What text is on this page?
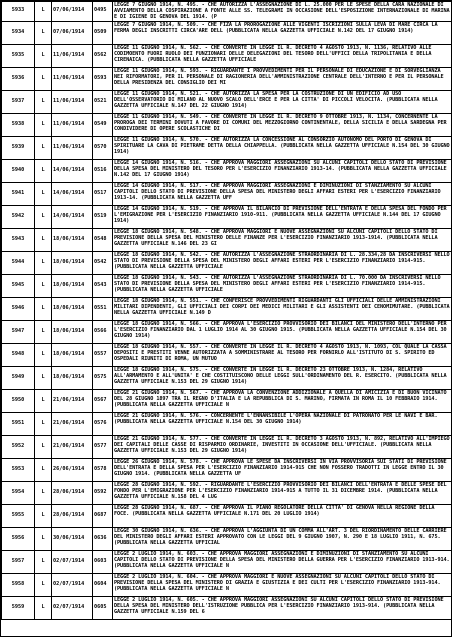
5933	L	07/06/1914	0495	LEGGE 7 GIUGNO 1914, N. 495. - CHE AUTORIZZA L'ASSEGNAZIONE DI L. 25.000 PER LE SPESE DELLA CARA NAZIONALE DI AVVIAMENTO DELLA COSPIRAZIONE A FONTE ALLE SS. TELEGRAMI IN OCCASIONE DELL'ESPOSIZIONE INTERNAZIONALE DI MARINA E DI IGIENE DI GENOVA DEL 1914. (P
5934	L	07/06/1914	0509	LEGGE 7 GIUGNO 1914, N. 509. - CHE FIZA LA PROROGAZIONE ALLE VIGENTI ISCRIZIONI SULLA LEVA DI MARE CIRCA LA FERMA DEGLI INSCRITTI CIRCA'ARE DELL (PUBBLICATA NELLA GAZZETTA UFFICIALE N.142 DEL 17 GIUGNO 1914)
5935	L	11/06/1914	0562	LEGGE 11 GIUGNO 1914, N. 562. - CHE CONVERTE IN LEGGE IL R. DECRETO 4 AGOSTO 1913, N. 1136, RELATIVO ALLE CODIMOENTO FUORI RUOLO DEI FUNZIONARI DELLE DELEGAZIONI DEL TESORO DELL'UFFICI DELLA TRIPOLITANIA E DELLA CIRENAICA. (PUBBLICATA NELLA GAZZETTA UFFICIALE
5936	L	11/06/1914	0593	LEGGE 11 GIUGNO 1914, N. 593. - RIGUARDANTE I PROVVEDIMENTI PER IL PERSONALE DI EDUCAZIONE E DI SORVEGLIANZA NEI RIFORMATORI, PER IL PERSONALE DI RAGIONERIA DELL'AMMINISTRAZIONE CENTRALE DELL'INTERNO E PER IL PERSONALE DELLA PRESIDENZA DEL CONSIGLIO DEI MI
5937	L	11/06/1914	0521	LEGGE 11 GIUGNO 1914, N. 521. - CHE AUTORIZZA LA SPESA PER LA COSTRUZIONE DI UN EDIFICIO AD USO DELL'OSSERVATORIO DI MILANO AL NUOVO SCALO DELL'ERCE E PER LA CITTA' DI PICCOLI VELOCITA. (PUBBLICATA NELLA GAZZETTA UFFICIALE N.147 DEL 22 GIUGNO 1914)
5938	L	11/06/1914	0549	LEGGE 11 GIUGNO 1914, N. 549. - CHE CONVERTE IN LEGGE IL R. DECRETO 9 OTTOBRE 1913, N. 1134, CONCERNENTE LA PROROGA DEI TERMINI DOVUTI A FAVORE DI COMUNI DEL MEZZOGIORNO CONTINENTALE, DELLA SICILIA E DELLA SARDEGNA PER CONDIVIDERE DI OPERE SCOLASTICHE DI
5939	L	11/06/1914	0570	LEGGE 11 GIUGNO 1914, N. 570. - CHE AUTORIZZA LA CONCESSIONE AL CONSORZIO AUTONOMO DEL PORTO DI GENOVA DI SPIRITUARE LA CAVA DI PIETRAME DETTA DELLA CHIAPPELLA. (PUBBLICATA NELLA GAZZETTA UFFICIALE N.154 DEL 30 GIUGNO 1914)
5940	L	14/06/1914	0516	LEGGE 14 GIUGNO 1914, N. 516. - CHE APPROVA MAGGIORI ASSEGNAZIONI SU ALCUNI CAPITOLI DELLO STATO DI PREVISIONE DELLA SPESA DEL MINISTERO DEL TESORO PER L'ESERCIZIO FINANZIARIO 1913-14. (PUBBLICATA NELLA GAZZETTA UFFICIALE N.142 DEL 17 GIUGNO 1914)
5941	L	14/06/1914	0517	LEGGE 14 GIUGNO 1914, N. 517. - CHE APPROVA MAGGIORI ASSEGNAZIONI E DIMINUZIONI DI STANZIAMENTO SU ALCUNI CAPITOLI DELLO STATO DI PREVISIONE DELLA SPESA DEL MINISTERO DEGLI AFFARI ESTERI PER L'ESERCIZIO FINANZIARIO 1913-14. (PUBBLICATA NELLA GAZZETTA UFF
5942	L	14/06/1914	0519	LEGGE 14 GIUGNO 1914, N. 519. - CHE APPROVA IL BILANCIO DI PREVISIONE DELL'ENTRATA E DELLA SPESA DEL FONDO PER L'EMIGRAZIONE PER L'ESERCIZIO FINANZIARIO 1910-911. (PUBBLICATA NELLA GAZZETTA UFFICIALE N.144 DEL 17 GIUGNO 1914)
5943	L	18/06/1914	0548	LEGGE 18 GIUGNO 1914, N. 548. - CHE APPROVA MAGGIORI E NUOVE ASSEGNAZIONI SU ALCUNI CAPITOLI DELLO STATO DI PREVISIONE DELLA SPESA DEL MINISTERO DELLE FINANZE PER L'ESERCIZIO FINANZIARIO 1913-1914. (PUBBLICATA NELLA GAZZETTA UFFICIALE N.146 DEL 23 GI
5944	L	18/06/1914	0542	LEGGE 18 GIUGNO 1914, N. 542. - CHE AUTORIZZA L'ASSEGNAZIONE STRAORDINARIA DI L. 28.334,28 DA INSCRIVERSI NELLO STATO DI PREVISIONE DELLA SPESA DEL MINISTERO DEGLI AFFARI ESTERI PER L'ESERCIZIO FINANZIARIO 1914-915. (PUBBLICATA NELLA GAZZETTA UFFICIALE
5945	L	18/06/1914	0543	LEGGE 18 GIUGNO 1914, N. 543. - CHE AUTORIZZA L'ASSEGNAZIONE STRAORDINARIA DI L. 70.000 DA INSCRIVERSI NELLO STATO DI PREVISIONE DELLA SPESA DEL MINISTERO DEGLI AFFARI ESTERI PER L'ESERCIZIO FINANZIARIO 1914-915. (PUBBLICATA NELLA GAZZETTA UFFICIALE
5946	L	18/06/1914	0551	LEGGE 18 GIUGNO 1914, N. 551. - CHE CONFERISCE PROVVEDIMENTI RIGUARDANTI GLI UFFICIALI DELLE AMMINISTRAZIONI MILITARI DIPENDENTI, GLI UFFICIALI DEI CORPI DEI MEDICI MILITARI E GLI ASSISTENTI DEI CENOMIMUTARE. (PUBBLICATA NELLA GAZZETTA UFFICIALE N.149 D
5947	L	18/06/1914	0566	LEGGE 18 GIUGNO 1914, N. 566. - CHE APPROVA L'ESERCIZIO PROVVISORIO DEI BILANCI DEL MINISTERO DELL'INTERNO PER L'ESERCIZIO FINANZIARIO DAL 1 LUGLIO 1914 AL 30 GIUGNO 1915. (PUBBLICATA NELLA GAZZETTA UFFICIALE N.154 DEL 30 GIUGNO 1914)
5948	L	18/06/1914	0557	LEGGE 18 GIUGNO 1914, N. 557. - CHE CONVERTE IN LEGGE IL R. DECRETO 4 AGOSTO 1913, N. 1093, COL QUALE LA CASSA DEPOSITI E PRESTITI VENNE AUTORIZZATA A SOMMINISTRARE AL TESORO PER FORNIRLO ALL'ISTITUTO DI S. SPIRITO ED OSPEDALI RIUNITI DI ROMA, UN MUTUO
5949	L	18/06/1914	0575	LEGGE 18 GIUGNO 1914, N. 575. - CHE CONVERTE IN LEGGE IL R. DECRETO 23 OTTOBRE 1913, N. 1284, RELATIVO ALL'ARMAMENTO E ALL'UNITA' E CHE COSTITUISCONO DELLE LEGGI SULL'ORDINAMENTO DEL R. ESERCITO. (PUBBLICATA NELLA GAZZETTA UFFICIALE N.153 DEL 29 GIUGNO 1914)
5950	L	21/06/1914	0567	LEGGE 21 GIUGNO 1914, N. 567. - CHE APPROVA LA CONVENZIONE ADDIZIONALE A QUELLA DI AMICIZIA E DI BUON VICINATO DEL 28 GIUGNO 1897 TRA IL REGNO D'ITALIA E LA REPUBBLICA DI S. MARINO, FIRMATA IN ROMA IL 10 FEBBRAIO 1914. (PUBBLICATA NELLA GAZZETTA UFFICIALE N
5951	L	21/06/1914	0576	LEGGE 21 GIUGNO 1914, N. 576. - CONCERNENTE L'ENNANSIBILE L'OPERA NAZIONALE DI PATRONATO PER LE NAVI E BAR. (PUBBLICATA NELLA GAZZETTA UFFICIALE N.154 DEL 30 GIUGNO 1914)
5952	L	21/06/1914	0577	LEGGE 21 GIUGNO 1914, N. 577. - CHE CONVERTE IN LEGGE IL R. DECRETO 3 AGOSTO 1913, N. 892, RELATIVO ALL'IMPIEGO DEI CAPITALI DELLE CASSE DI RISPARMIO ORDINARIE, INVESTITI IN OCCASIONE DELL'UFFICIALE. (PUBBLICATA NELLA GAZZETTA UFFICIALE N.153 DEL 29 GIUGNO 1914)
5953	L	26/06/1914	0578	LEGGE 26 GIUGNO 1914, N. 578. - CHE APPROVA LE SPESE DA INSCRIVERSI IN VIA PROVVISORIA SUI STATI DI PREVISIONE DELL'ENTRATA E DELLA SPESA PER L'ESERCIZIO FINANZIARIO 1914-915 CHE NON FOSSERO TRADOTTI IN LEGGE ENTRO IL 30 GIUGNO 1914. (PUBBLICATA NELLA GAZZETTA UF
5954	L	28/06/1914	0592	LEGGE 28 GIUGNO 1914, N. 592. - RIGUARDANTE L'ESERCIZIO PROVVISORIO DEI BILANCI DELL'ENTRATA E DELLE SPESE DEL FONDO PER L'EMIGRAZIONE PER L'ESERCIZIO FINANZIARIO 1914-915 A TUTTO IL 31 DICEMBRE 1914. (PUBBLICATA NELLA GAZZETTA UFFICIALE N.158 DEL 4 LUG
5955	L	28/06/1914	0687	LEGGE 28 GIUGNO 1914, N. 687. - CHE APPROVA IL PIANO REGOLATORE DELLA CITTA' DI GENOVA NELLA REGIONE DELLA FOCE. (PUBBLICATA NELLA GAZZETTA UFFICIALE N.171 DEL 20 LUGLIO 1914)
5956	L	30/06/1914	0636	LEGGE 30 GIUGNO 1914, N. 636. - CHE APPROVA L'AGGIUNTA DI UN COMMA ALL'ART. 3 DEL RIORDINAMENTO DELLE CARRIERE DEL MINISTERO DEGLI AFFARI ESTERI APPROVATO CON LE LEGGI DEL 9 GIUGNO 1907, N. 290 E 18 LUGLIO 1911, N. 675. (PUBBLICATA NELLA GAZZETTA UFFICIAL
5957	L	02/07/1914	0603	LEGGE 2 LUGLIO 1914, N. 603. - CHE APPROVA MAGGIORI ASSEGNAZIONI E DIMINUZIONI DI STANZIAMENTO SU ALCUNI CAPITOLI DELLO STATO DI PREVISIONE DELLA SPESA DEL MINISTERO DELLA GUERRA PER L'ESERCIZIO FINANZIARIO 1913-914. (PUBBLICATA NELLA GAZZETTA UFFICIALE N
5958	L	02/07/1914	0604	LEGGE 2 LUGLIO 1914, N. 604. - CHE APPROVA MAGGIORI E NUOVE ASSEGNAZIONI SU ALCUNI CAPITOLI DELLO STATO DI PREVISIONE DELLA SPESA DEL MINISTERO DI GRAZIA E GIUSTIZIA E DEI CULTI PER L'ESERCIZIO FINANZIARIO 1913-914. (PUBBLICATA NELLA GAZZETTA UFFICIALE N
5959	L	02/07/1914	0605	LEGGE 2 LUGLIO 1914, N. 605. - CHE APPROVA MAGGIORI ASSEGNAZIONI SU ALCUNI CAPITOLI DELLO STATO DI PREVISIONE DELLA SPESA DEL MINISTERO DELL'ISTRUZIONE PUBBLICA PER L'ESERCIZIO FINANZIARIO 1913-914. (PUBBLICATA NELLA GAZZETTA UFFICIALE N.159 DEL 6
